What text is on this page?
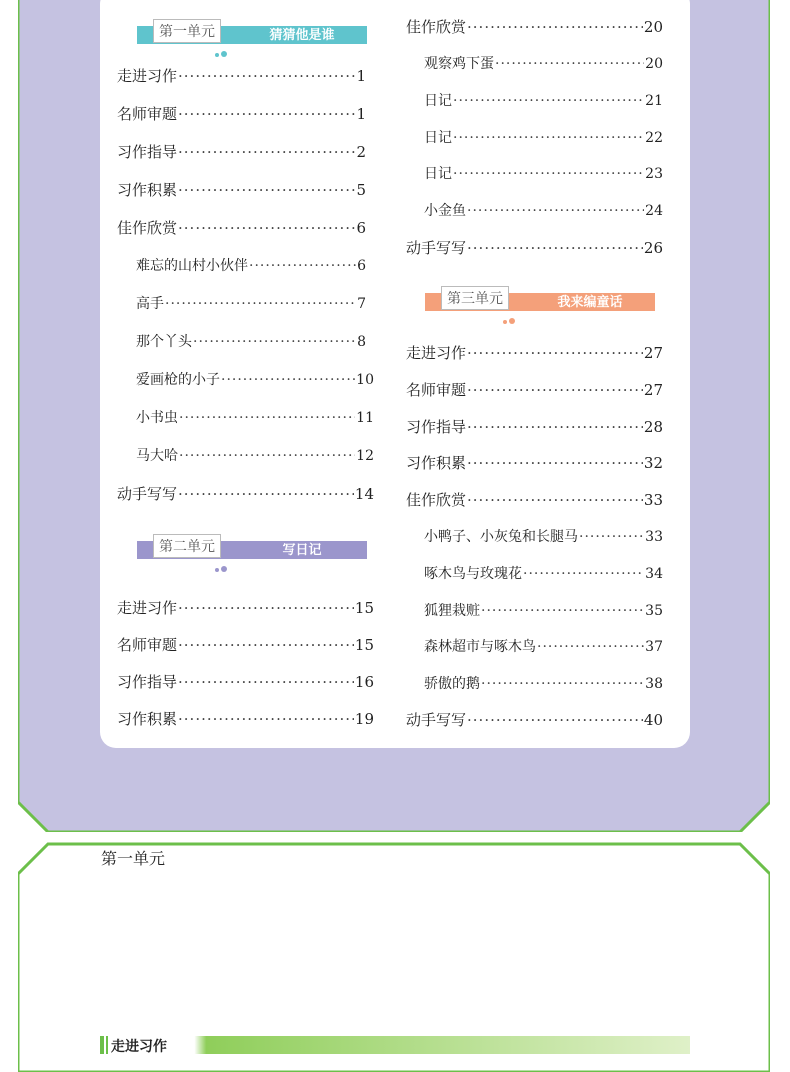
第一单元	猜猜他是谁
走进习作 ·····	1
名师审题 ·····	1
习作指导 ·····	2
习作积累 ·····	5
佳作欣赏 ·····	6
难忘的山村小伙伴 ·····	6
高手 ·····	7
那个丫头 ·····	8
爱画枪的小子 ·····	10
小书虫 ·····	11
马大哈 ·····	12
动手写写 ·····	14
第二单元	写日记
走进习作 ·····	15
名师审题 ·····	15
习作指导 ·····	16
习作积累 ·····	19
佳作欣赏 ·····	20
观察鸡下蛋 ·····	20
日记 ·····	21
日记 ·····	22
日记 ·····	23
小金鱼 ·····	24
动手写写 ·····	26
第三单元	我来编童话
走进习作 ·····	27
名师审题 ·····	27
习作指导 ·····	28
习作积累 ·····	32
佳作欣赏 ·····	33
小鸭子、小灰兔和长腿马 ·····	33
啄木鸟与玫瑰花 ·····	34
狐狸栽赃 ·····	35
森林超市与啄木鸟 ·····	37
骄傲的鹅 ·····	38
动手写写 ·····	40
第一单元
猜猜他是谁
走进习作
